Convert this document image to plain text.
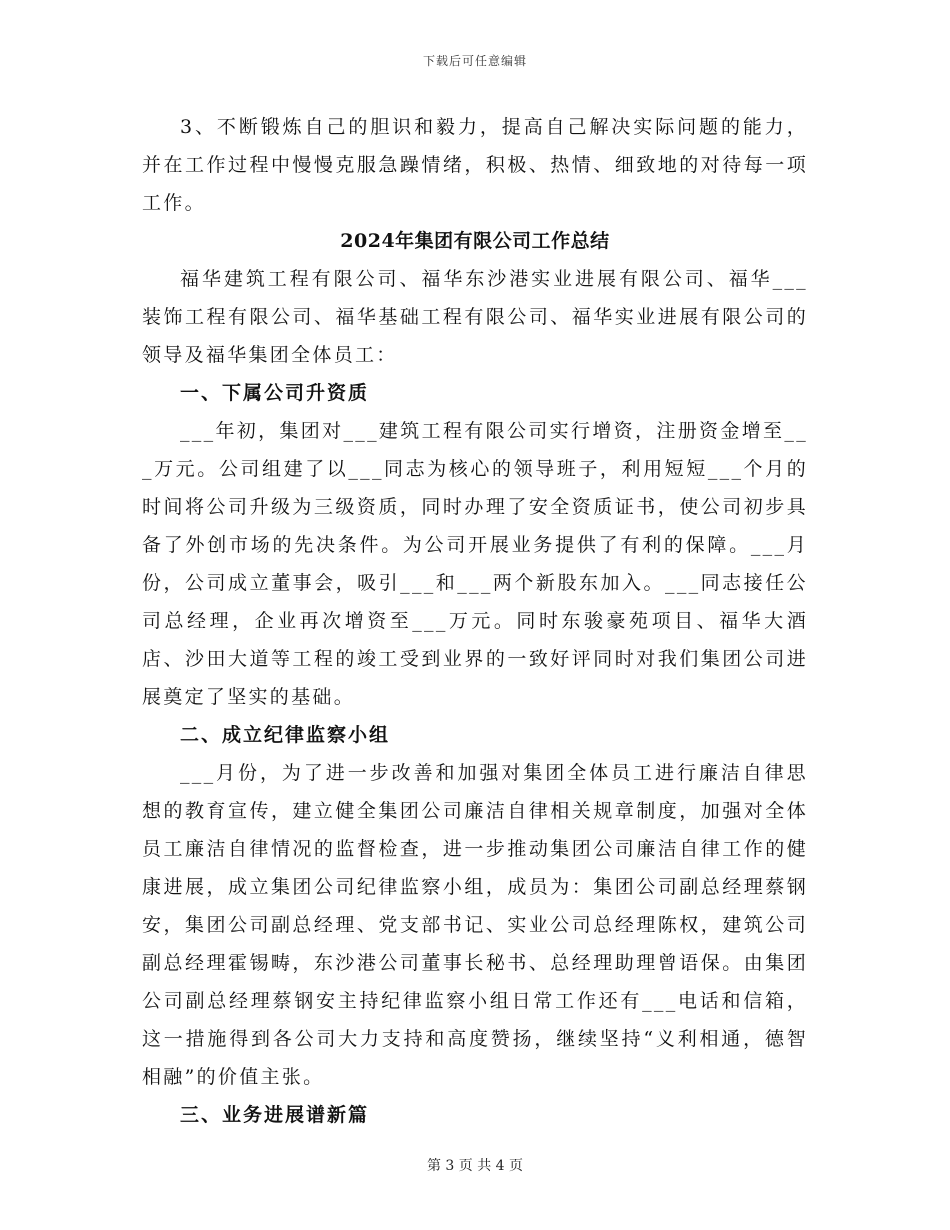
下载后可任意编辑

3、不断锻炼自己的胆识和毅力，提高自己解决实际问题的能力，并在工作过程中慢慢克服急躁情绪，积极、热情、细致地的对待每一项工作。

2024年集团有限公司工作总结

福华建筑工程有限公司、福华东沙港实业进展有限公司、福华___装饰工程有限公司、福华基础工程有限公司、福华实业进展有限公司的领导及福华集团全体员工：

一、下属公司升资质

___年初，集团对___建筑工程有限公司实行增资，注册资金增至___万元。公司组建了以___同志为核心的领导班子，利用短短___个月的时间将公司升级为三级资质，同时办理了安全资质证书，使公司初步具备了外创市场的先决条件。为公司开展业务提供了有利的保障。___月份，公司成立董事会，吸引___和___两个新股东加入。___同志接任公司总经理，企业再次增资至___万元。同时东骏豪苑项目、福华大酒店、沙田大道等工程的竣工受到业界的一致好评同时对我们集团公司进展奠定了坚实的基础。

二、成立纪律监察小组

___月份，为了进一步改善和加强对集团全体员工进行廉洁自律思想的教育宣传，建立健全集团公司廉洁自律相关规章制度，加强对全体员工廉洁自律情况的监督检查，进一步推动集团公司廉洁自律工作的健康进展，成立集团公司纪律监察小组，成员为：集团公司副总经理蔡钢安，集团公司副总经理、党支部书记、实业公司总经理陈权，建筑公司副总经理霍锡畴，东沙港公司董事长秘书、总经理助理曾语保。由集团公司副总经理蔡钢安主持纪律监察小组日常工作还有___电话和信箱，这一措施得到各公司大力支持和高度赞扬，继续坚持“义利相通，德智相融”的价值主张。

三、业务进展谱新篇

第 3 页 共 4 页
